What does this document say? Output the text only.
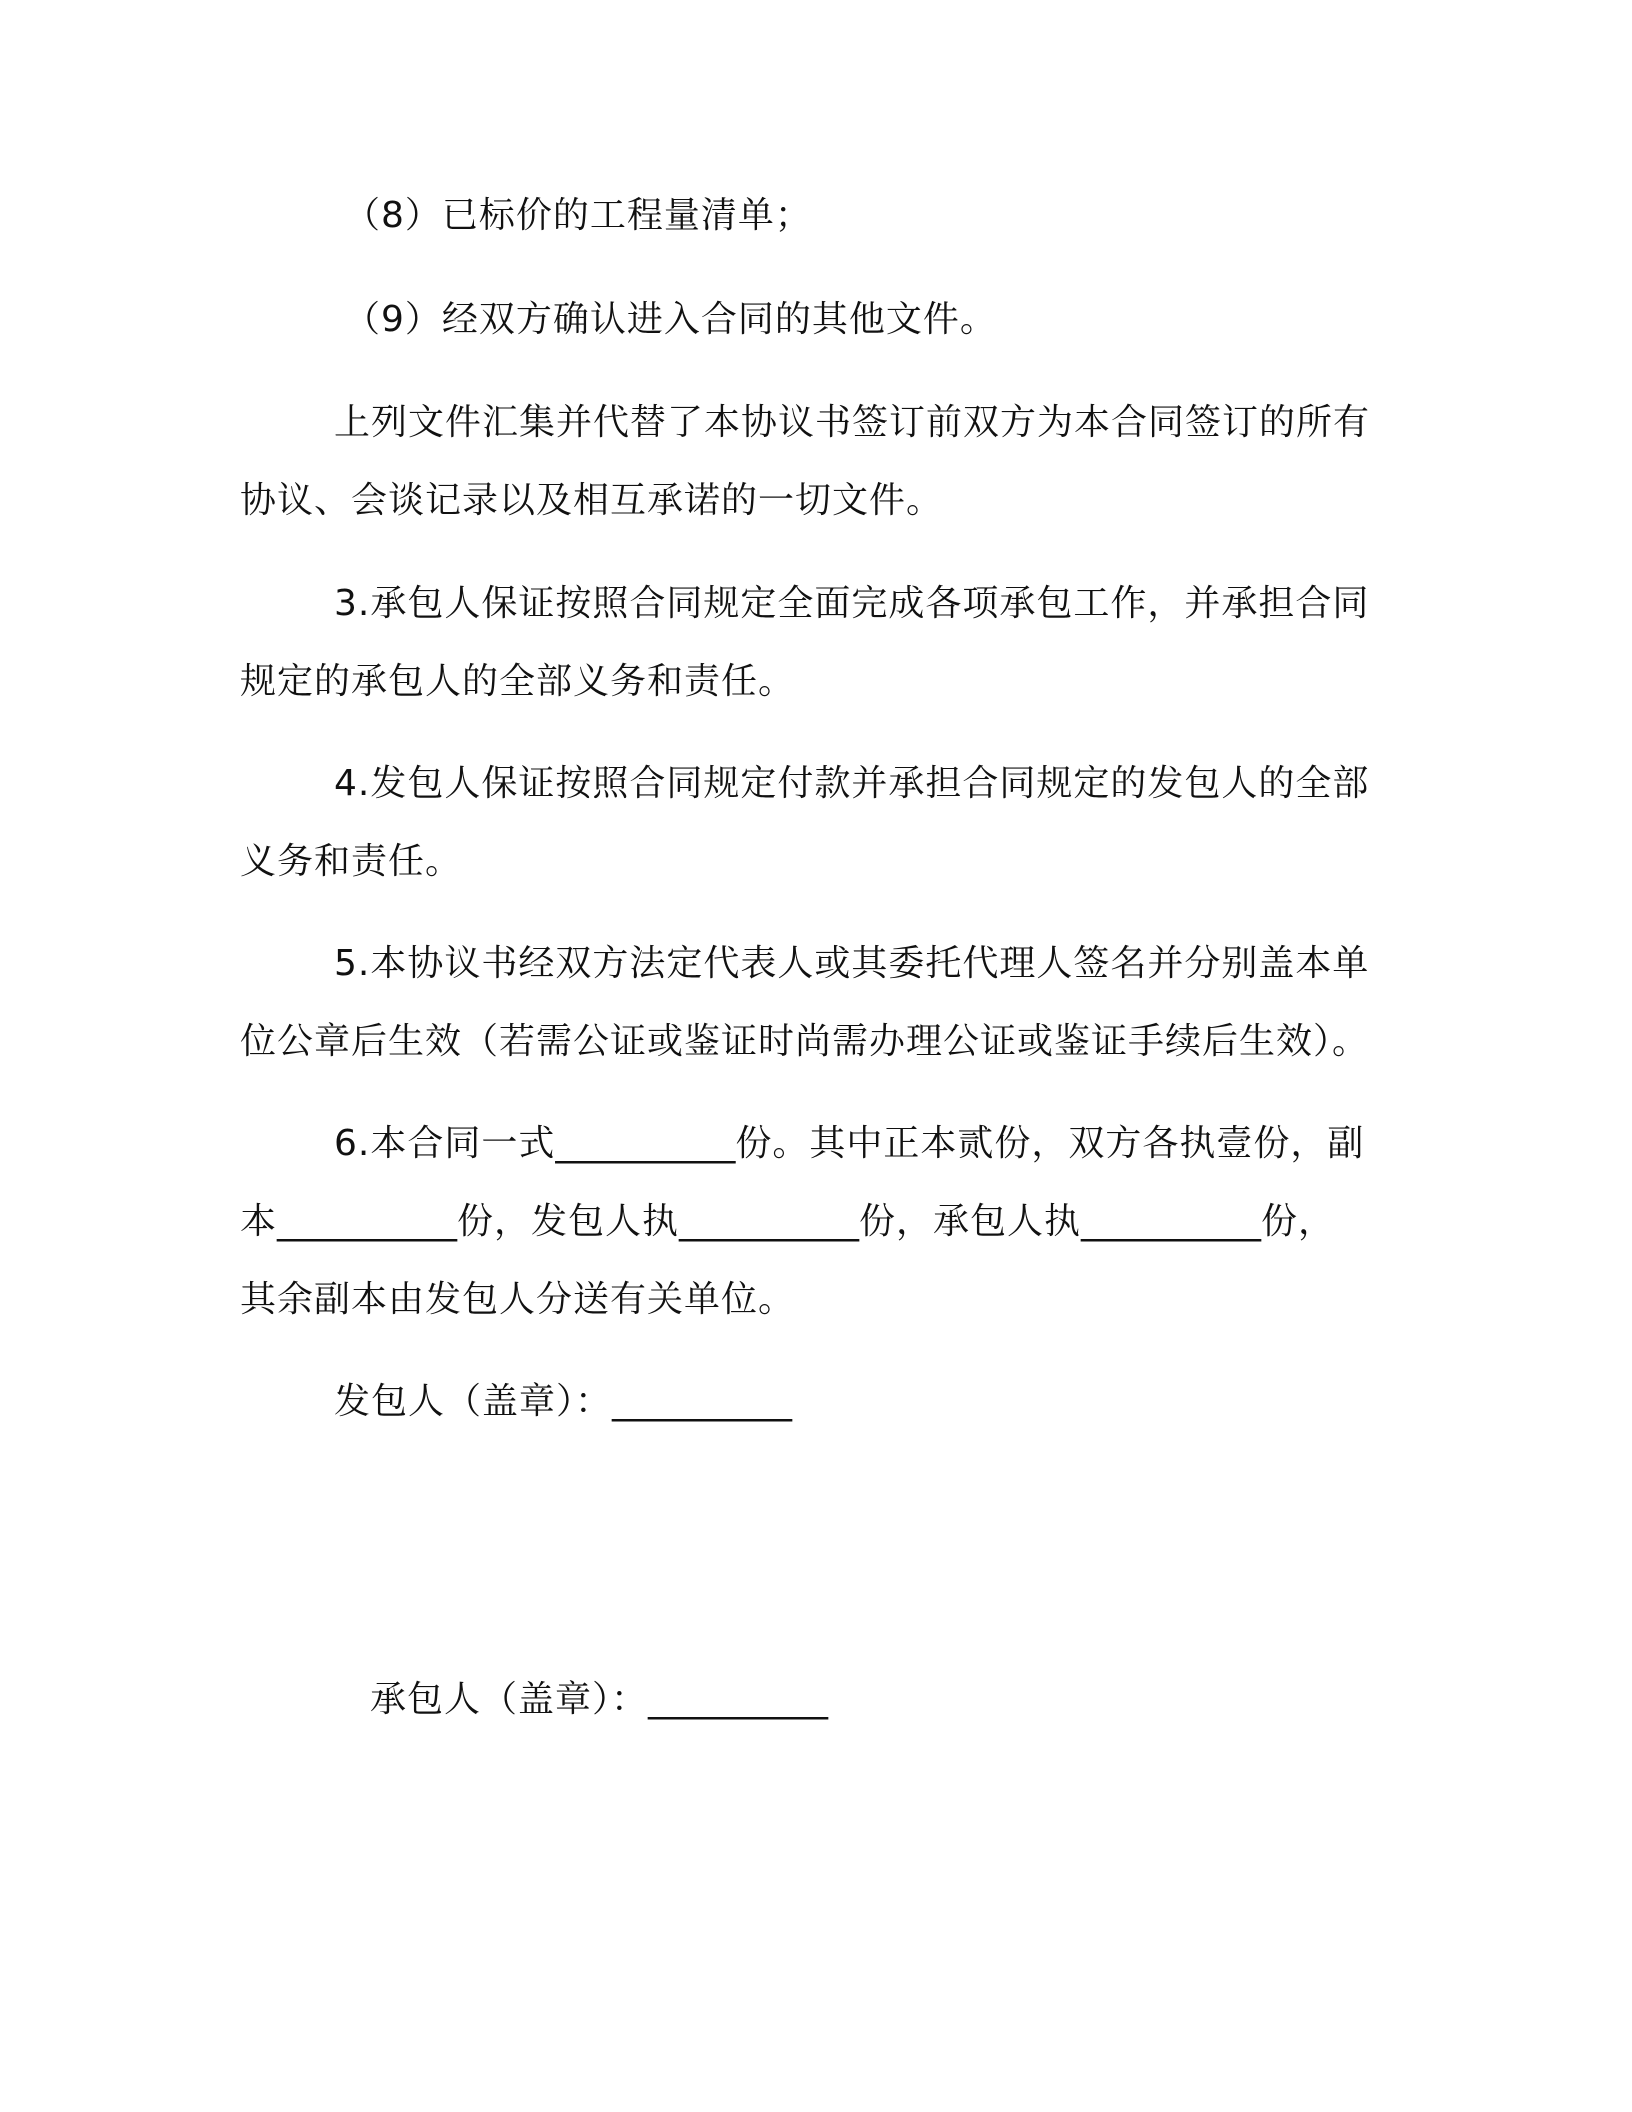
（8）已标价的工程量清单；
（9）经双方确认进入合同的其他文件。
上列文件汇集并代替了本协议书签订前双方为本合同签订的所有
协议、会谈记录以及相互承诺的一切文件。
3.承包人保证按照合同规定全面完成各项承包工作，并承担合同
规定的承包人的全部义务和责任。
4.发包人保证按照合同规定付款并承担合同规定的发包人的全部
义务和责任。
5.本协议书经双方法定代表人或其委托代理人签名并分别盖本单
位公章后生效（若需公证或鉴证时尚需办理公证或鉴证手续后生效）。
6.本合同一式__________份。其中正本贰份，双方各执壹份，副
本__________份，发包人执__________份，承包人执__________份，
其余副本由发包人分送有关单位。
发包人（盖章）：__________
承包人（盖章）：__________
